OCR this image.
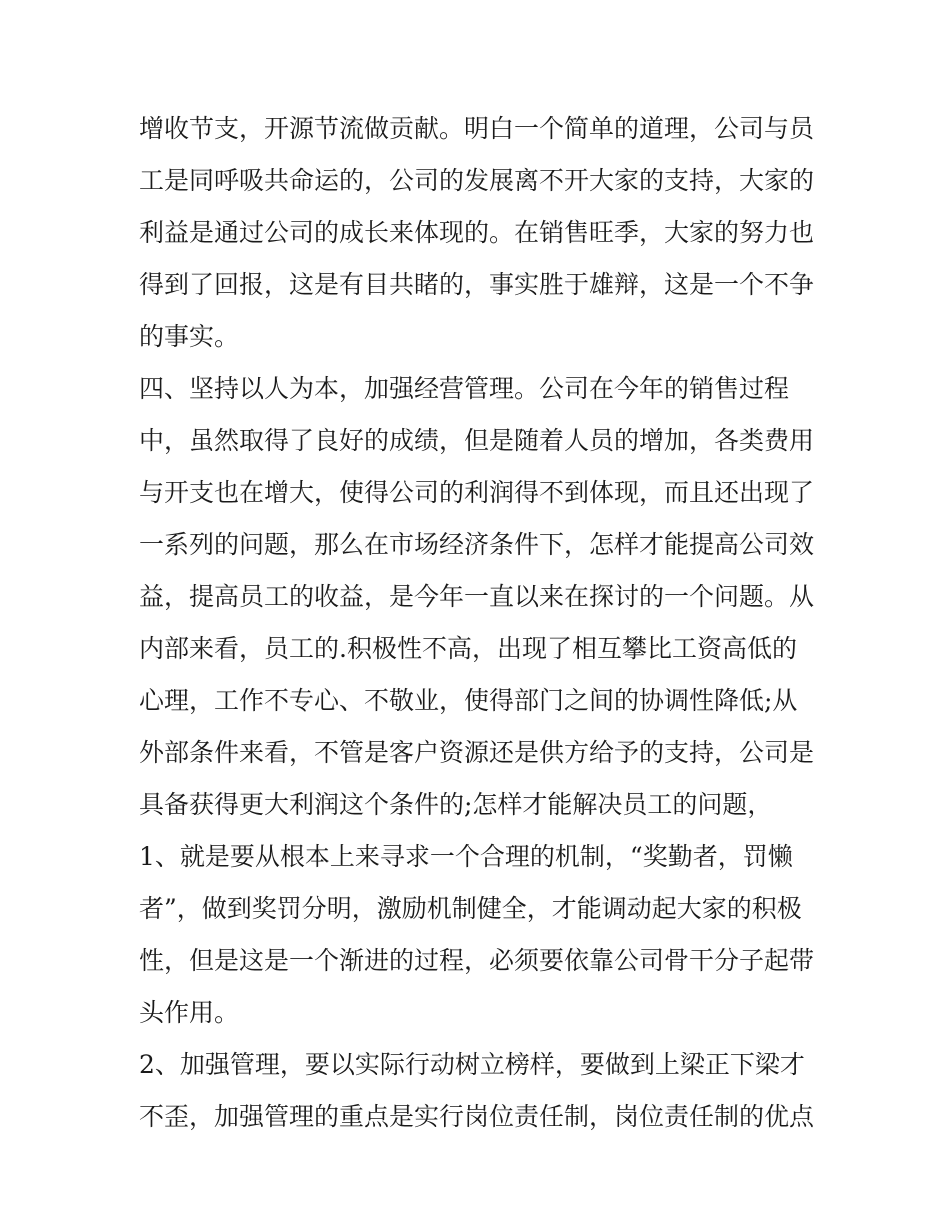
增收节支，开源节流做贡献。明白一个简单的道理，公司与员
工是同呼吸共命运的，公司的发展离不开大家的支持，大家的
利益是通过公司的成长来体现的。在销售旺季，大家的努力也
得到了回报，这是有目共睹的，事实胜于雄辩，这是一个不争
的事实。
四、坚持以人为本，加强经营管理。公司在今年的销售过程
中，虽然取得了良好的成绩，但是随着人员的增加，各类费用
与开支也在增大，使得公司的利润得不到体现，而且还出现了
一系列的问题，那么在市场经济条件下，怎样才能提高公司效
益，提高员工的收益，是今年一直以来在探讨的一个问题。从
内部来看，员工的.积极性不高，出现了相互攀比工资高低的
心理，工作不专心、不敬业，使得部门之间的协调性降低;从
外部条件来看，不管是客户资源还是供方给予的支持，公司是
具备获得更大利润这个条件的;怎样才能解决员工的问题，
1、就是要从根本上来寻求一个合理的机制，“奖勤者，罚懒
者”，做到奖罚分明，激励机制健全，才能调动起大家的积极
性，但是这是一个渐进的过程，必须要依靠公司骨干分子起带
头作用。
2、加强管理，要以实际行动树立榜样，要做到上梁正下梁才
不歪，加强管理的重点是实行岗位责任制，岗位责任制的优点
